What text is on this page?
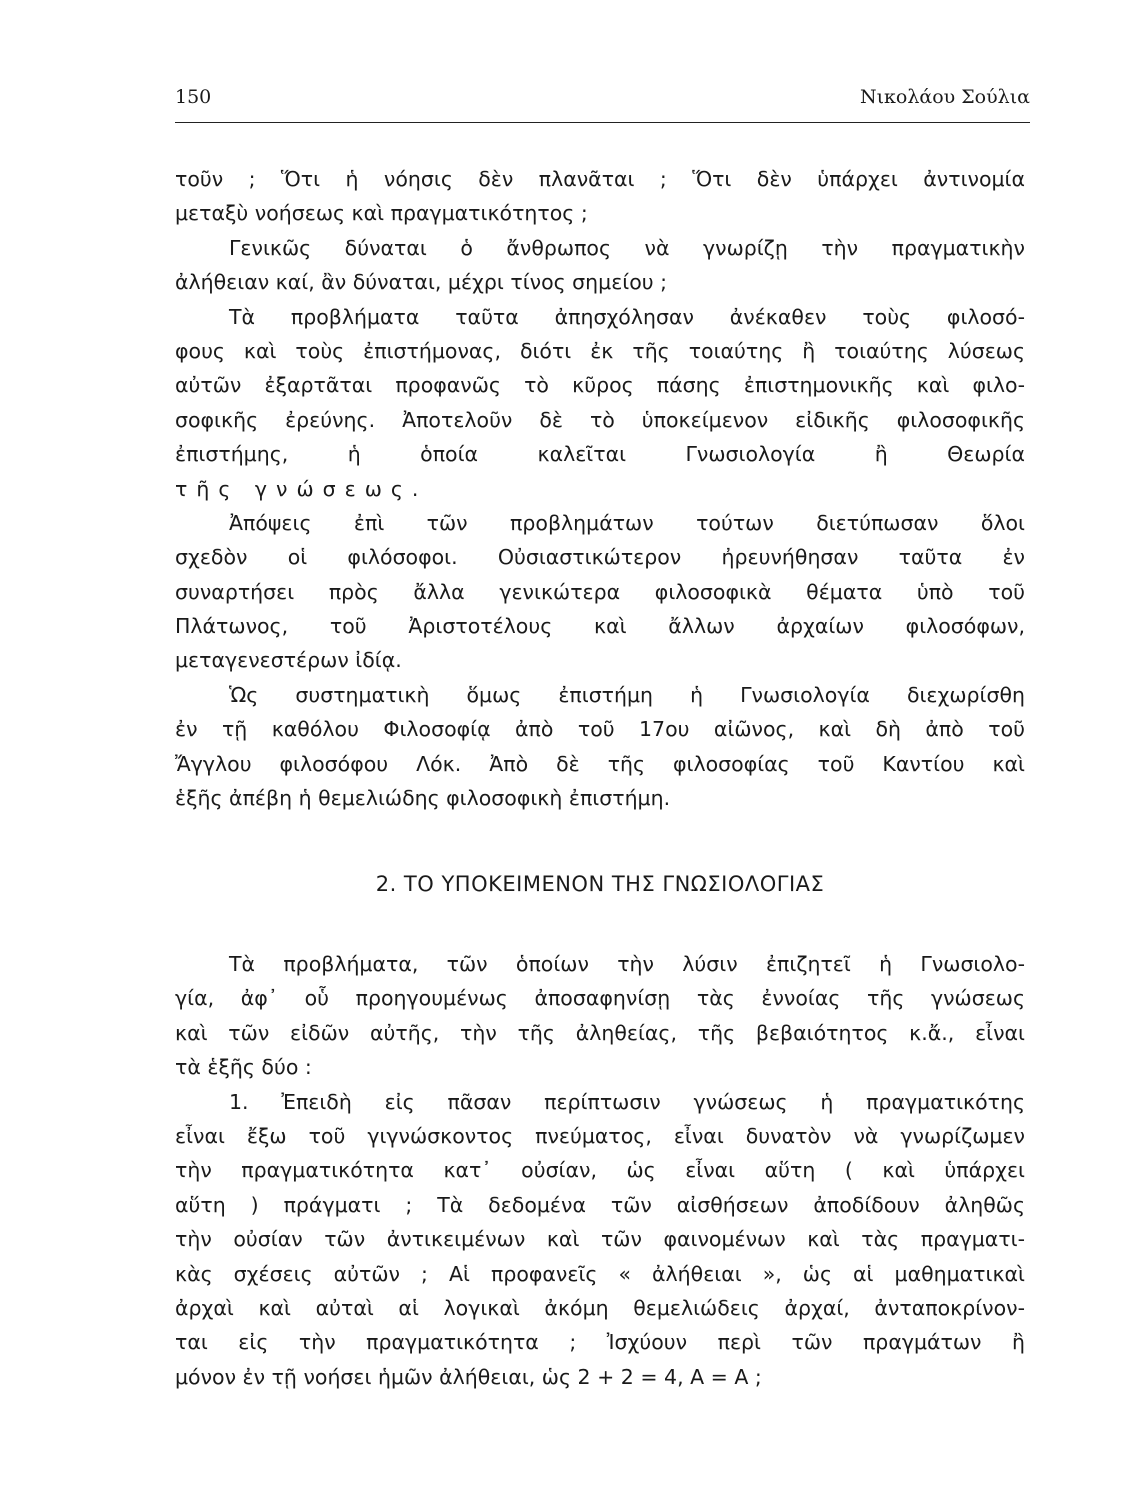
150	Νικολάου Σούλια
τοῦν ; Ὅτι ἡ νόησις δὲν πλανᾶται ; Ὅτι δὲν ὑπάρχει ἀντινομία
μεταξὺ νοήσεως καὶ πραγματικότητος ;
Γενικῶς δύναται ὁ ἄνθρωπος νὰ γνωρίζῃ τὴν πραγματικὴν
ἀλήθειαν καί, ἂν δύναται, μέχρι τίνος σημείου ;
Τὰ προβλήματα ταῦτα ἀπησχόλησαν ἀνέκαθεν τοὺς φιλοσό-
φους καὶ τοὺς ἐπιστήμονας, διότι ἐκ τῆς τοιαύτης ἢ τοιαύτης λύσεως
αὐτῶν ἐξαρτᾶται προφανῶς τὸ κῦρος πάσης ἐπιστημονικῆς καὶ φιλο-
σοφικῆς ἐρεύνης. Ἀποτελοῦν δὲ τὸ ὑποκείμενον εἰδικῆς φιλοσοφικῆς
ἐπιστήμης, ἡ ὁποία καλεῖται Γνωσιολογία ἢ Θεωρία
τῆς γνώσεως.
Ἀπόψεις ἐπὶ τῶν προβλημάτων τούτων διετύπωσαν ὅλοι
σχεδὸν οἱ φιλόσοφοι. Οὐσιαστικώτερον ἠρευνήθησαν ταῦτα ἐν
συναρτήσει πρὸς ἄλλα γενικώτερα φιλοσοφικὰ θέματα ὑπὸ τοῦ
Πλάτωνος, τοῦ Ἀριστοτέλους καὶ ἄλλων ἀρχαίων φιλοσόφων,
μεταγενεστέρων ἰδίᾳ.
Ὡς συστηματικὴ ὅμως ἐπιστήμη ἡ Γνωσιολογία διεχωρίσθη
ἐν τῇ καθόλου Φιλοσοφίᾳ ἀπὸ τοῦ 17ου αἰῶνος, καὶ δὴ ἀπὸ τοῦ
Ἄγγλου φιλοσόφου Λόκ. Ἀπὸ δὲ τῆς φιλοσοφίας τοῦ Καντίου καὶ
ἑξῆς ἀπέβη ἡ θεμελιώδης φιλοσοφικὴ ἐπιστήμη.
2. ΤΟ ΥΠΟΚΕΙΜΕΝΟΝ ΤΗΣ ΓΝΩΣΙΟΛΟΓΙΑΣ
Τὰ προβλήματα, τῶν ὁποίων τὴν λύσιν ἐπιζητεῖ ἡ Γνωσιολο-
γία, ἀφ᾽ οὗ προηγουμένως ἀποσαφηνίσῃ τὰς ἐννοίας τῆς γνώσεως
καὶ τῶν εἰδῶν αὐτῆς, τὴν τῆς ἀληθείας, τῆς βεβαιότητος κ.ἄ., εἶναι
τὰ ἑξῆς δύο :
1. Ἐπειδὴ εἰς πᾶσαν περίπτωσιν γνώσεως ἡ πραγματικότης
εἶναι ἔξω τοῦ γιγνώσκοντος πνεύματος, εἶναι δυνατὸν νὰ γνωρίζωμεν
τὴν πραγματικότητα κατ᾽ οὐσίαν, ὡς εἶναι αὕτη ( καὶ ὑπάρχει
αὕτη ) πράγματι ; Τὰ δεδομένα τῶν αἰσθήσεων ἀποδίδουν ἀληθῶς
τὴν οὐσίαν τῶν ἀντικειμένων καὶ τῶν φαινομένων καὶ τὰς πραγματι-
κὰς σχέσεις αὐτῶν ; Αἱ προφανεῖς « ἀλήθειαι », ὡς αἱ μαθηματικαὶ
ἀρχαὶ καὶ αὐταὶ αἱ λογικαὶ ἀκόμη θεμελιώδεις ἀρχαί, ἀνταποκρίνον-
ται εἰς τὴν πραγματικότητα ; Ἰσχύουν περὶ τῶν πραγμάτων ἢ
μόνον ἐν τῇ νοήσει ἡμῶν ἀλήθειαι, ὡς 2 + 2 = 4, Α = Α ;
